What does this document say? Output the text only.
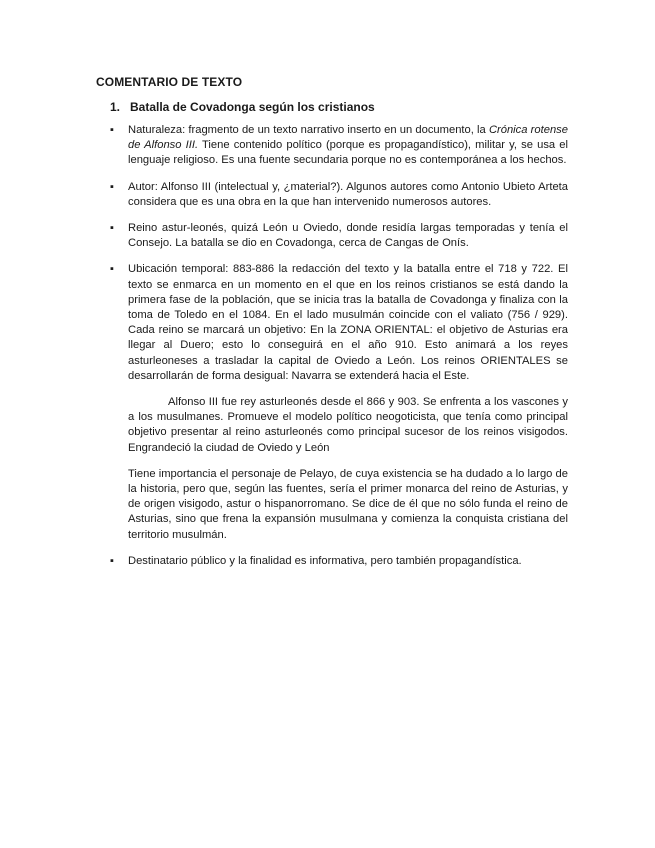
COMENTARIO DE TEXTO
1. Batalla de Covadonga según los cristianos
▪ Naturaleza: fragmento de un texto narrativo inserto en un documento, la Crónica rotense de Alfonso III. Tiene contenido político (porque es propagandístico), militar y, se usa el lenguaje religioso. Es una fuente secundaria porque no es contemporánea a los hechos.
▪ Autor: Alfonso III (intelectual y, ¿material?). Algunos autores como Antonio Ubieto Arteta considera que es una obra en la que han intervenido numerosos autores.
▪ Reino astur-leonés, quizá León u Oviedo, donde residía largas temporadas y tenía el Consejo. La batalla se dio en Covadonga, cerca de Cangas de Onís.
▪ Ubicación temporal: 883-886 la redacción del texto y la batalla entre el 718 y 722. El texto se enmarca en un momento en el que en los reinos cristianos se está dando la primera fase de la población, que se inicia tras la batalla de Covadonga y finaliza con la toma de Toledo en el 1084. En el lado musulmán coincide con el valiato (756 / 929). Cada reino se marcará un objetivo: En la ZONA ORIENTAL: el objetivo de Asturias era llegar al Duero; esto lo conseguirá en el año 910. Esto animará a los reyes asturleoneses a trasladar la capital de Oviedo a León. Los reinos ORIENTALES se desarrollarán de forma desigual: Navarra se extenderá hacia el Este.

Alfonso III fue rey asturleonés desde el 866 y 903. Se enfrenta a los vascones y a los musulmanes. Promueve el modelo político neogoticista, que tenía como principal objetivo presentar al reino asturleonés como principal sucesor de los reinos visigodos. Engrandeció la ciudad de Oviedo y León

Tiene importancia el personaje de Pelayo, de cuya existencia se ha dudado a lo largo de la historia, pero que, según las fuentes, sería el primer monarca del reino de Asturias, y de origen visigodo, astur o hispanorromano. Se dice de él que no sólo funda el reino de Asturias, sino que frena la expansión musulmana y comienza la conquista cristiana del territorio musulmán.

▪ Destinatario público y la finalidad es informativa, pero también propagandística.
